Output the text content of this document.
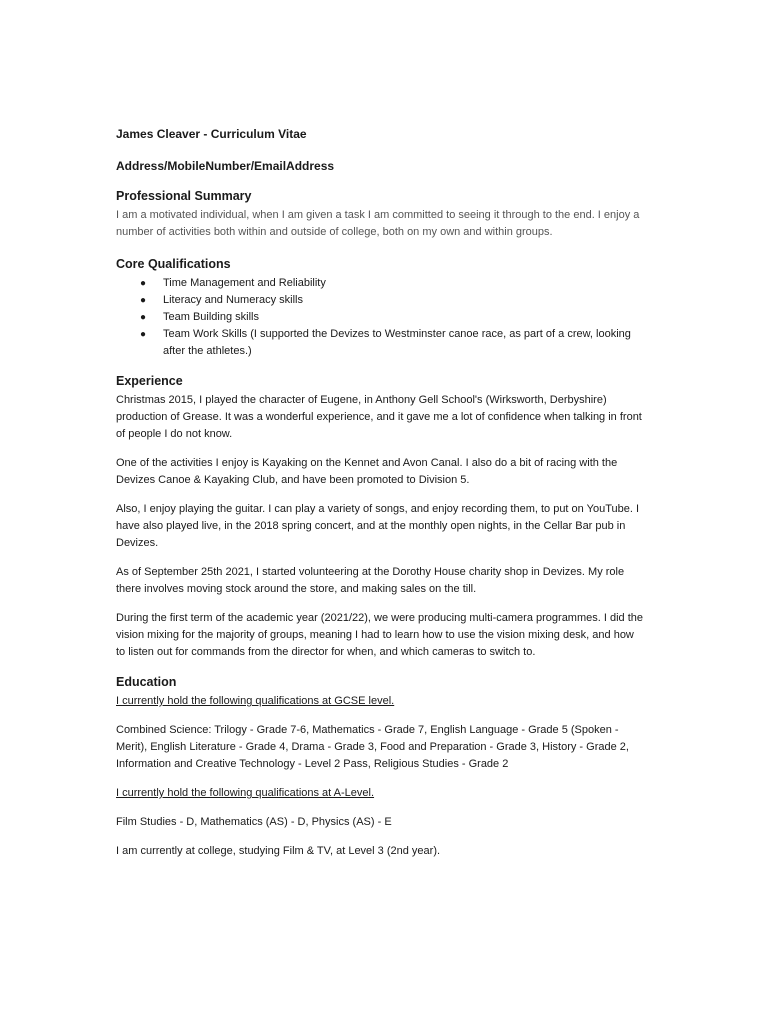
James Cleaver - Curriculum Vitae
Address/MobileNumber/EmailAddress
Professional Summary
I am a motivated individual, when I am given a task I am committed to seeing it through to the end. I enjoy a number of activities both within and outside of college, both on my own and within groups.
Core Qualifications
● Time Management and Reliability
● Literacy and Numeracy skills
● Team Building skills
● Team Work Skills (I supported the Devizes to Westminster canoe race, as part of a crew, looking after the athletes.)
Experience

Christmas 2015, I played the character of Eugene, in Anthony Gell School's (Wirksworth, Derbyshire) production of Grease. It was a wonderful experience, and it gave me a lot of confidence when talking in front of people I do not know.

One of the activities I enjoy is Kayaking on the Kennet and Avon Canal. I also do a bit of racing with the Devizes Canoe & Kayaking Club, and have been promoted to Division 5.

Also, I enjoy playing the guitar. I can play a variety of songs, and enjoy recording them, to put on YouTube. I have also played live, in the 2018 spring concert, and at the monthly open nights, in the Cellar Bar pub in Devizes.

As of September 25th 2021, I started volunteering at the Dorothy House charity shop in Devizes. My role there involves moving stock around the store, and making sales on the till.

During the first term of the academic year (2021/22), we were producing multi-camera programmes. I did the vision mixing for the majority of groups, meaning I had to learn how to use the vision mixing desk, and how to listen out for commands from the director for when, and which cameras to switch to.

Education

I currently hold the following qualifications at GCSE level.

Combined Science: Trilogy - Grade 7-6, Mathematics - Grade 7, English Language - Grade 5 (Spoken - Merit), English Literature - Grade 4, Drama - Grade 3, Food and Preparation - Grade 3, History - Grade 2, Information and Creative Technology - Level 2 Pass, Religious Studies - Grade 2

I currently hold the following qualifications at A-Level.

Film Studies - D, Mathematics (AS) - D, Physics (AS) - E

I am currently at college, studying Film & TV, at Level 3 (2nd year).
